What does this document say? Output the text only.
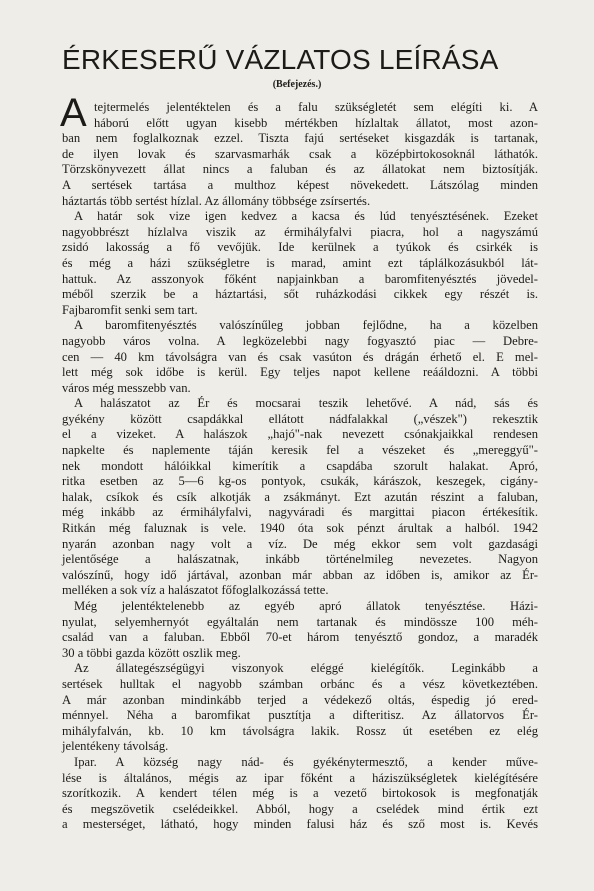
ÉRKESERŰ VÁZLATOS LEÍRÁSA
(Befejezés.)
A tejtermelés jelentéktelen és a falu szükségletét sem elégíti ki. A
háború előtt ugyan kisebb mértékben hízlaltak állatot, most azon-
ban nem foglalkoznak ezzel. Tiszta fajú sertéseket kisgazdák is tartanak,
de ilyen lovak és szarvasmarhák csak a középbirtokosoknál láthatók.
Törzskönyvezett állat nincs a faluban és az állatokat nem biztosítják.
A sertések tartása a multhoz képest növekedett. Látszólag minden
háztartás több sertést hízlal. Az állomány többsége zsírsertés.
A határ sok vize igen kedvez a kacsa és lúd tenyésztésének. Ezeket
nagyobbrészt hízlalva viszik az érmihályfalvi piacra, hol a nagyszámú
zsidó lakosság a fő vevőjük. Ide kerülnek a tyúkok és csirkék is
és még a házi szükségletre is marad, amint ezt táplálkozásukból lát-
hattuk. Az asszonyok főként napjainkban a baromfitenyésztés jövedel-
méből szerzik be a háztartási, sőt ruházkodási cikkek egy részét is.
Fajbaromfit senki sem tart.
A baromfitenyésztés valószínűleg jobban fejlődne, ha a közelben
nagyobb város volna. A legközelebbi nagy fogyasztó piac — Debre-
cen — 40 km távolságra van és csak vasúton és drágán érhető el. E mel-
lett még sok időbe is kerül. Egy teljes napot kellene reááldozni. A többi
város még messzebb van.
A halászatot az Ér és mocsarai teszik lehetővé. A nád, sás és
gyékény között csapdákkal ellátott nádfalakkal („vészek") rekesztik
el a vizeket. A halászok „hajó"-nak nevezett csónakjaikkal rendesen
napkelte és naplemente táján keresik fel a vészeket és „mereggyű"-
nek mondott hálóikkal kimerítik a csapdába szorult halakat. Apró,
ritka esetben az 5—6 kg-os pontyok, csukák, kárászok, keszegek, cigány-
halak, csíkok és csík alkotják a zsákmányt. Ezt azután részint a faluban,
még inkább az érmihályfalvi, nagyváradi és margittai piacon értékesítik.
Ritkán még faluznak is vele. 1940 óta sok pénzt árultak a halból. 1942
nyarán azonban nagy volt a víz. De még ekkor sem volt gazdasági
jelentősége a halászatnak, inkább történelmileg nevezetes. Nagyon
valószínű, hogy idő jártával, azonban már abban az időben is, amikor az Ér-
melléken a sok víz a halászatot főfoglalkozássá tette.
Még jelentéktelenebb az egyéb apró állatok tenyésztése. Házi-
nyulat, selyemhernyót egyáltalán nem tartanak és mindössze 100 méh-
család van a faluban. Ebből 70-et három tenyésztő gondoz, a maradék
30 a többi gazda között oszlik meg.
Az állategészségügyi viszonyok eléggé kielégítők. Leginkább a
sertések hulltak el nagyobb számban orbánc és a vész következtében.
A már azonban mindinkább terjed a védekező oltás, éspedig jó ered-
ménnyel. Néha a baromfikat pusztítja a difteritisz. Az állatorvos Ér-
mihályfalván, kb. 10 km távolságra lakik. Rossz út esetében ez elég
jelentékeny távolság.
Ipar. A község nagy nád- és gyékénytermesztő, a kender műve-
lése is általános, mégis az ipar főként a háziszükségletek kielégítésére
szorítkozik. A kendert télen még is a vezető birtokosok is megfonatják
és megszövetik cselédeikkel. Abból, hogy a cselédek mind értik ezt
a mesterséget, látható, hogy minden falusi ház és sző most is. Kevés
